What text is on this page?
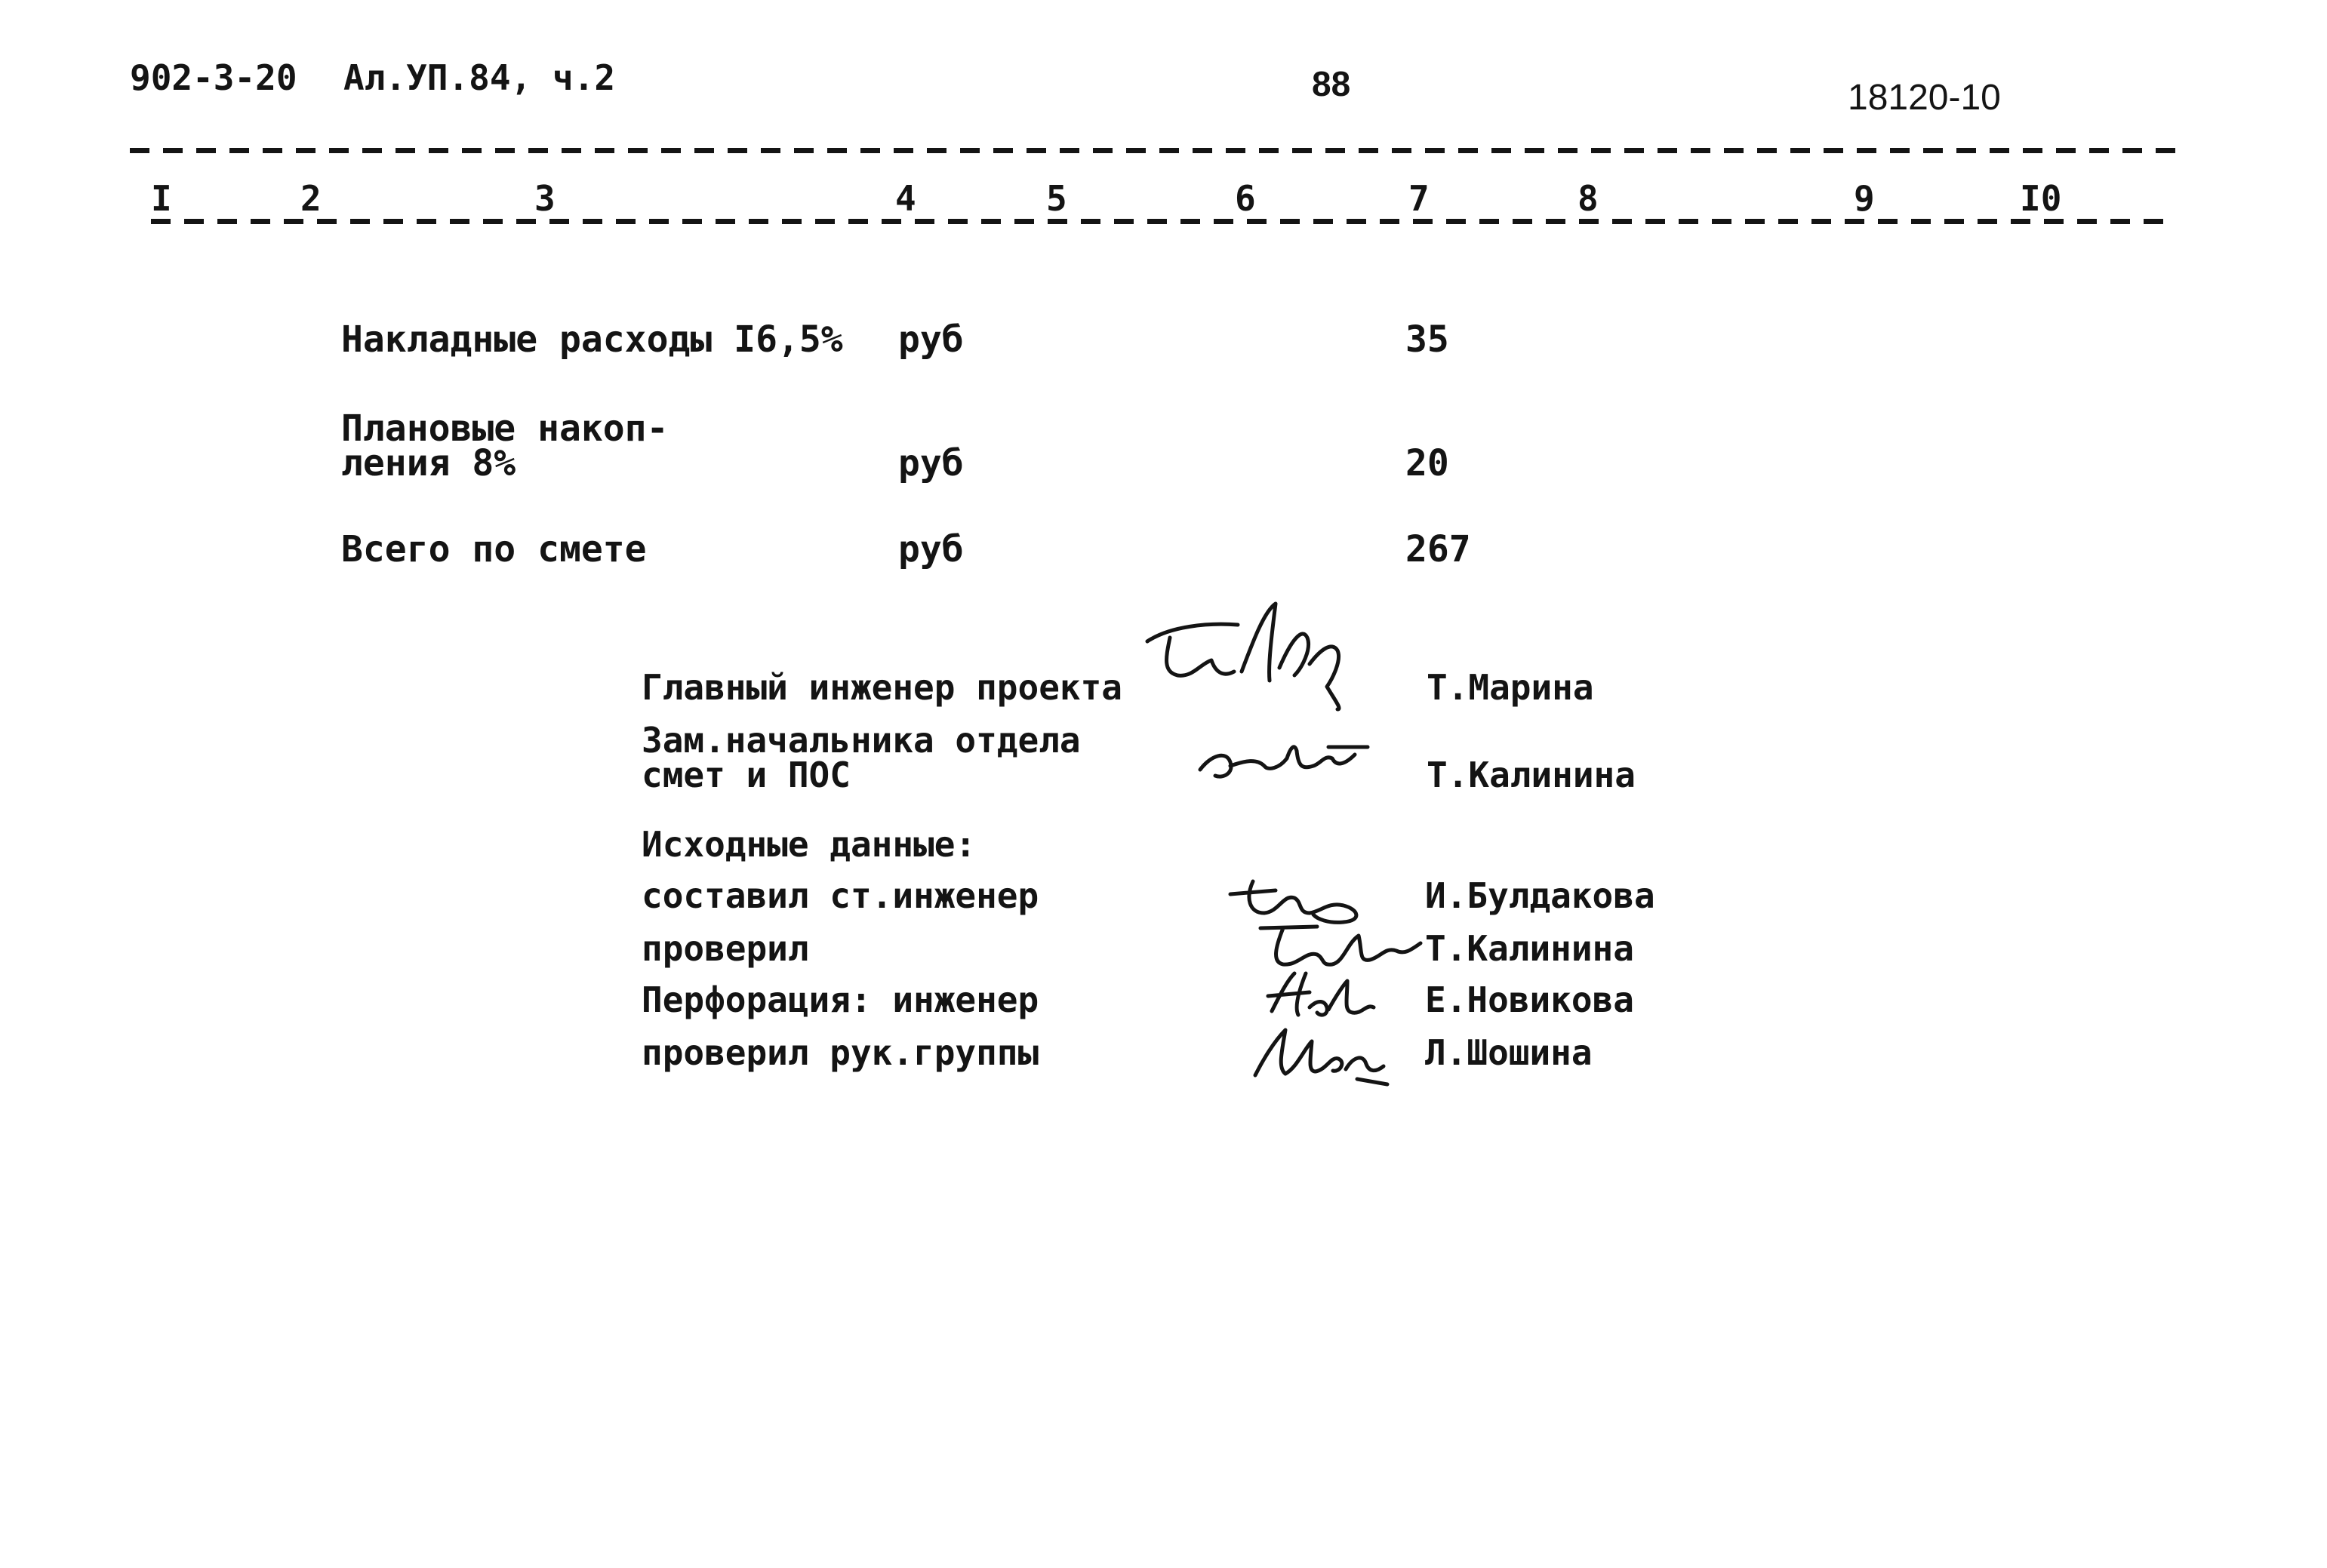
902-3-20 Ал.УП.84, ч.2	88	18120-10
I	2	3	4	5	6	7	8	9	I0
Накладные расходы I6,5% руб	35
Плановые накоп-
ления 8%	руб	20
Всего по смете	руб	267
Главный инженер проекта	Т.Марина
Зам.начальника отдела
смет и ПОС	Т.Калинина
Исходные данные:
составил ст.инженер	И.Булдакова
проверил	Т.Калинина
Перфорация: инженер	Е.Новикова
проверил рук.группы	Л.Шошина
